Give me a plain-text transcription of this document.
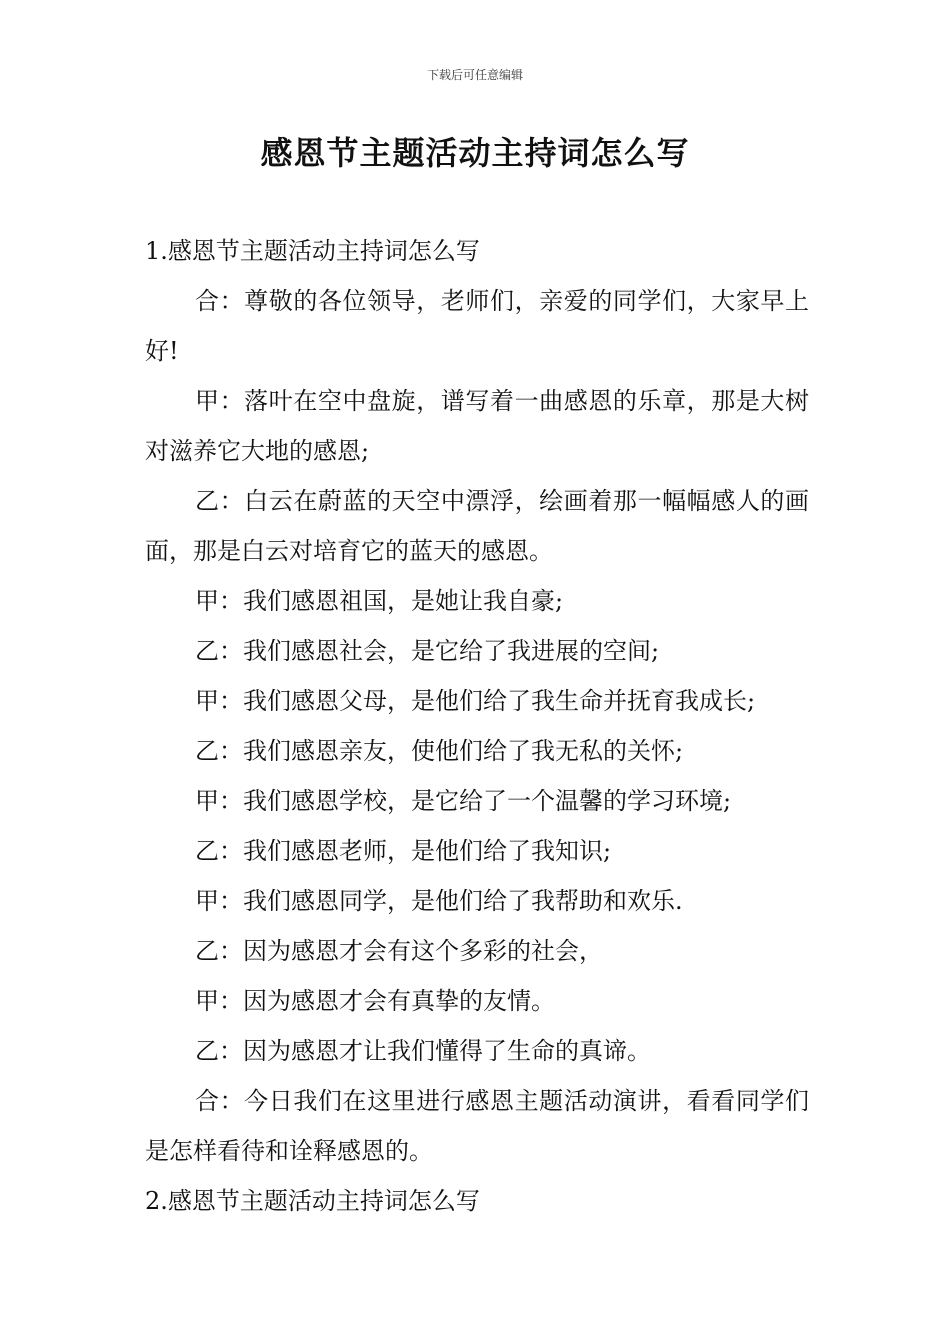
下载后可任意编辑
感恩节主题活动主持词怎么写

1.感恩节主题活动主持词怎么写

合：尊敬的各位领导，老师们，亲爱的同学们，大家早上好!

甲：落叶在空中盘旋，谱写着一曲感恩的乐章，那是大树对滋养它大地的感恩;

乙：白云在蔚蓝的天空中漂浮，绘画着那一幅幅感人的画面，那是白云对培育它的蓝天的感恩。

甲：我们感恩祖国，是她让我自豪;

乙：我们感恩社会，是它给了我进展的空间;

甲：我们感恩父母，是他们给了我生命并抚育我成长;

乙：我们感恩亲友，使他们给了我无私的关怀;

甲：我们感恩学校，是它给了一个温馨的学习环境;

乙：我们感恩老师，是他们给了我知识;

甲：我们感恩同学，是他们给了我帮助和欢乐.

乙：因为感恩才会有这个多彩的社会，

甲：因为感恩才会有真挚的友情。

乙：因为感恩才让我们懂得了生命的真谛。

合：今日我们在这里进行感恩主题活动演讲，看看同学们是怎样看待和诠释感恩的。

2.感恩节主题活动主持词怎么写
